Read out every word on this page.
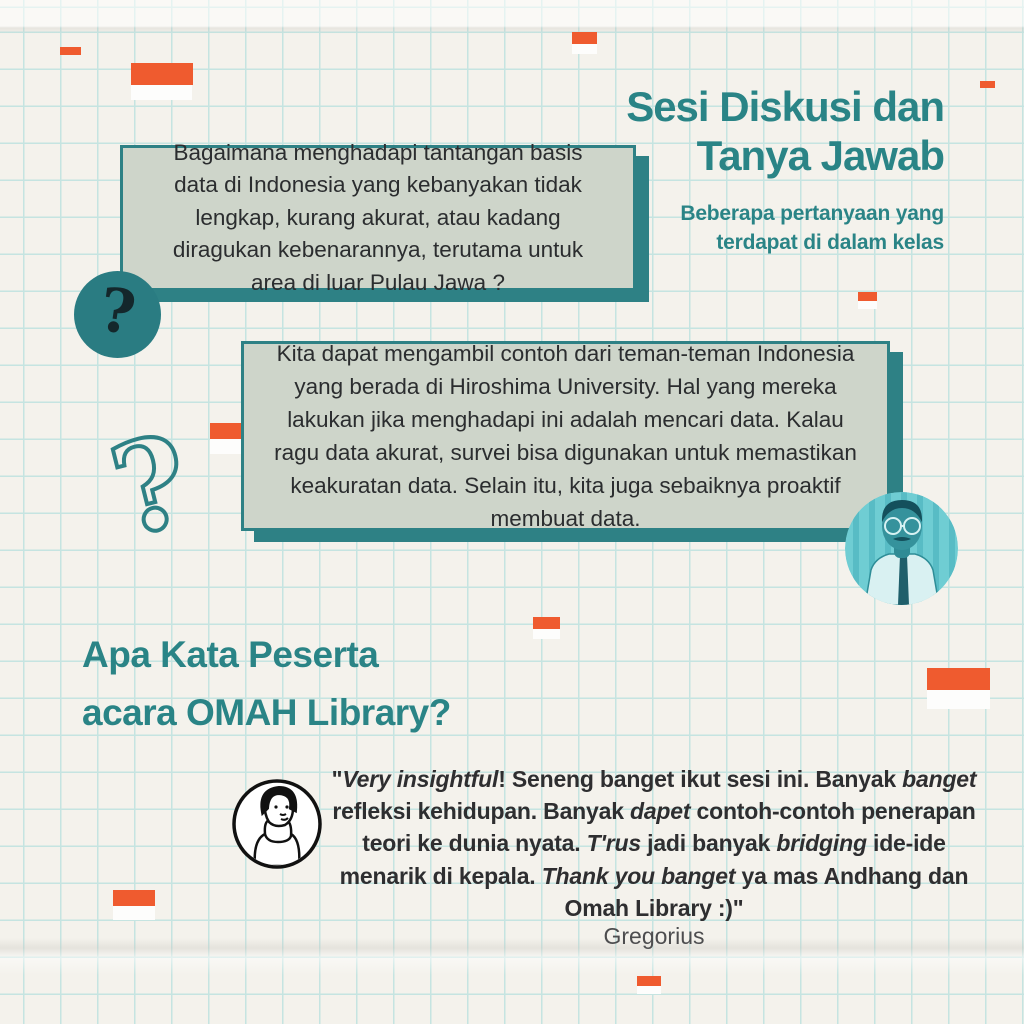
Sesi Diskusi dan
Tanya Jawab
Beberapa pertanyaan yang
terdapat di dalam kelas

Bagaimana menghadapi tantangan basis data di Indonesia yang kebanyakan tidak lengkap, kurang akurat, atau kadang diragukan kebenarannya, terutama untuk area di luar Pulau Jawa ?

?

Kita dapat mengambil contoh dari teman-teman Indonesia yang berada di Hiroshima University. Hal yang mereka lakukan jika menghadapi ini adalah mencari data. Kalau ragu data akurat, survei bisa digunakan untuk memastikan keakuratan data. Selain itu, kita juga sebaiknya proaktif membuat data.

?
Apa Kata Peserta
acara OMAH Library?

"Very insightful! Seneng banget ikut sesi ini. Banyak banget refleksi kehidupan. Banyak dapet contoh-contoh penerapan teori ke dunia nyata. T'rus jadi banyak bridging ide-ide menarik di kepala. Thank you banget ya mas Andhang dan Omah Library :)"

Gregorius
